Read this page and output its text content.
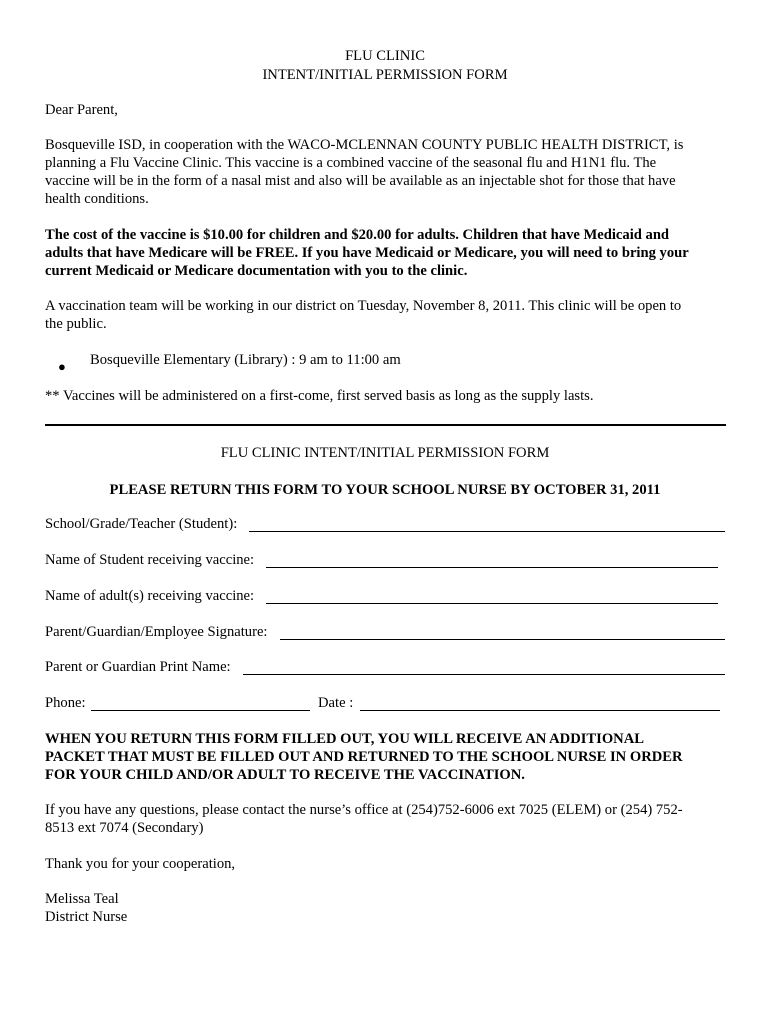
FLU CLINIC
INTENT/INITIAL PERMISSION FORM
Dear Parent,
Bosqueville ISD, in cooperation with the WACO-MCLENNAN COUNTY PUBLIC HEALTH DISTRICT, is
planning a Flu Vaccine Clinic. This vaccine is a combined vaccine of the seasonal flu and H1N1 flu. The
vaccine will be in the form of a nasal mist and also will be available as an injectable shot for those that have
health conditions.
The cost of the vaccine is $10.00 for children and $20.00 for adults. Children that have Medicaid and
adults that have Medicare will be FREE. If you have Medicaid or Medicare, you will need to bring your
current Medicaid or Medicare documentation with you to the clinic.
A vaccination team will be working in our district on Tuesday, November 8, 2011. This clinic will be open to
the public.
● Bosqueville Elementary (Library) : 9 am to 11:00 am
** Vaccines will be administered on a first-come, first served basis as long as the supply lasts.
FLU CLINIC INTENT/INITIAL PERMISSION FORM
PLEASE RETURN THIS FORM TO YOUR SCHOOL NURSE BY OCTOBER 31, 2011
School/Grade/Teacher (Student):
Name of Student receiving vaccine:
Name of adult(s) receiving vaccine:
Parent/Guardian/Employee Signature:
Parent or Guardian Print Name:
Phone:	Date :
WHEN YOU RETURN THIS FORM FILLED OUT, YOU WILL RECEIVE AN ADDITIONAL
PACKET THAT MUST BE FILLED OUT AND RETURNED TO THE SCHOOL NURSE IN ORDER
FOR YOUR CHILD AND/OR ADULT TO RECEIVE THE VACCINATION.
If you have any questions, please contact the nurse’s office at (254)752-6006 ext 7025 (ELEM) or (254) 752-
8513 ext 7074 (Secondary)
Thank you for your cooperation,
Melissa Teal
District Nurse
